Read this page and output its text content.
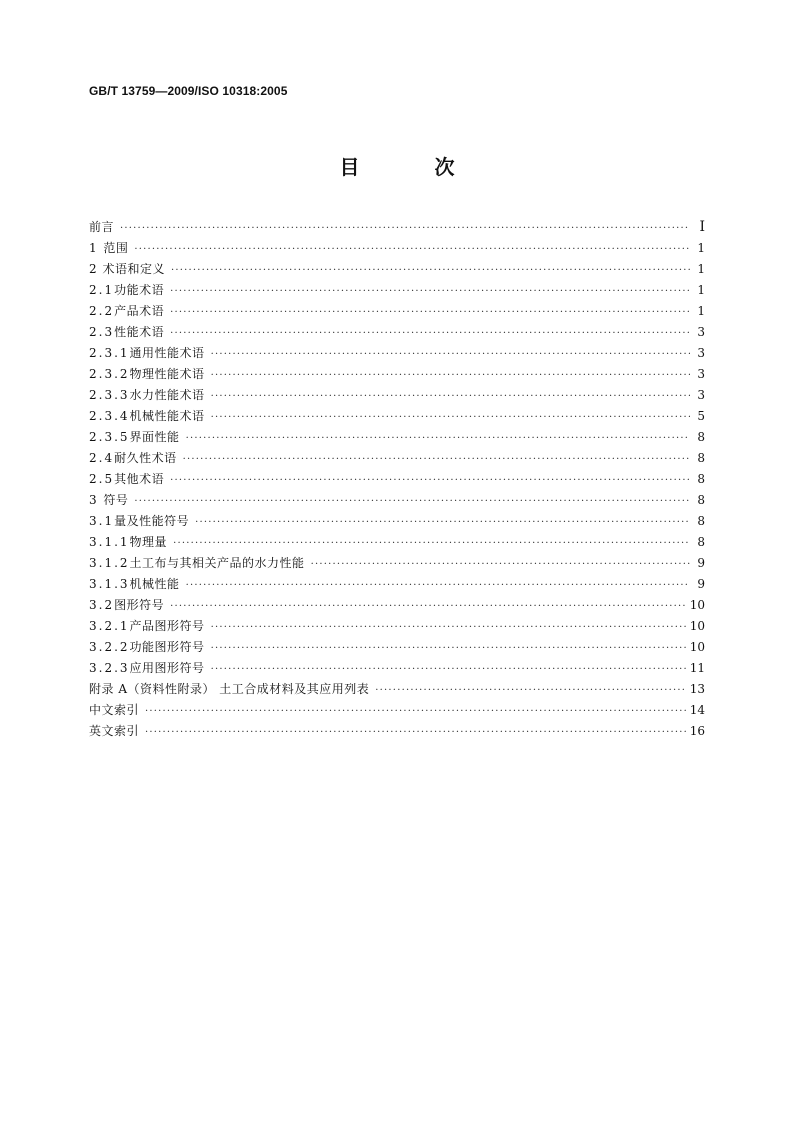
GB/T 13759—2009/ISO 10318:2005
目 次
前言 ·····	Ⅰ
1 范围 ·····	1
2 术语和定义 ·····	1
2.1 功能术语 ·····	1
2.2 产品术语 ·····	1
2.3 性能术语 ·····	3
2.3.1 通用性能术语 ·····	3
2.3.2 物理性能术语 ·····	3
2.3.3 水力性能术语 ·····	3
2.3.4 机械性能术语 ·····	5
2.3.5 界面性能 ·····	8
2.4 耐久性术语 ·····	8
2.5 其他术语 ·····	8
3 符号 ·····	8
3.1 量及性能符号 ·····	8
3.1.1 物理量 ·····	8
3.1.2 土工布与其相关产品的水力性能 ·····	9
3.1.3 机械性能 ·····	9
3.2 图形符号 ·····	10
3.2.1 产品图形符号 ·····	10
3.2.2 功能图形符号 ·····	10
3.2.3 应用图形符号 ·····	11
附录 A（资料性附录） 土工合成材料及其应用列表 ·····	13
中文索引 ·····	14
英文索引 ·····	16
